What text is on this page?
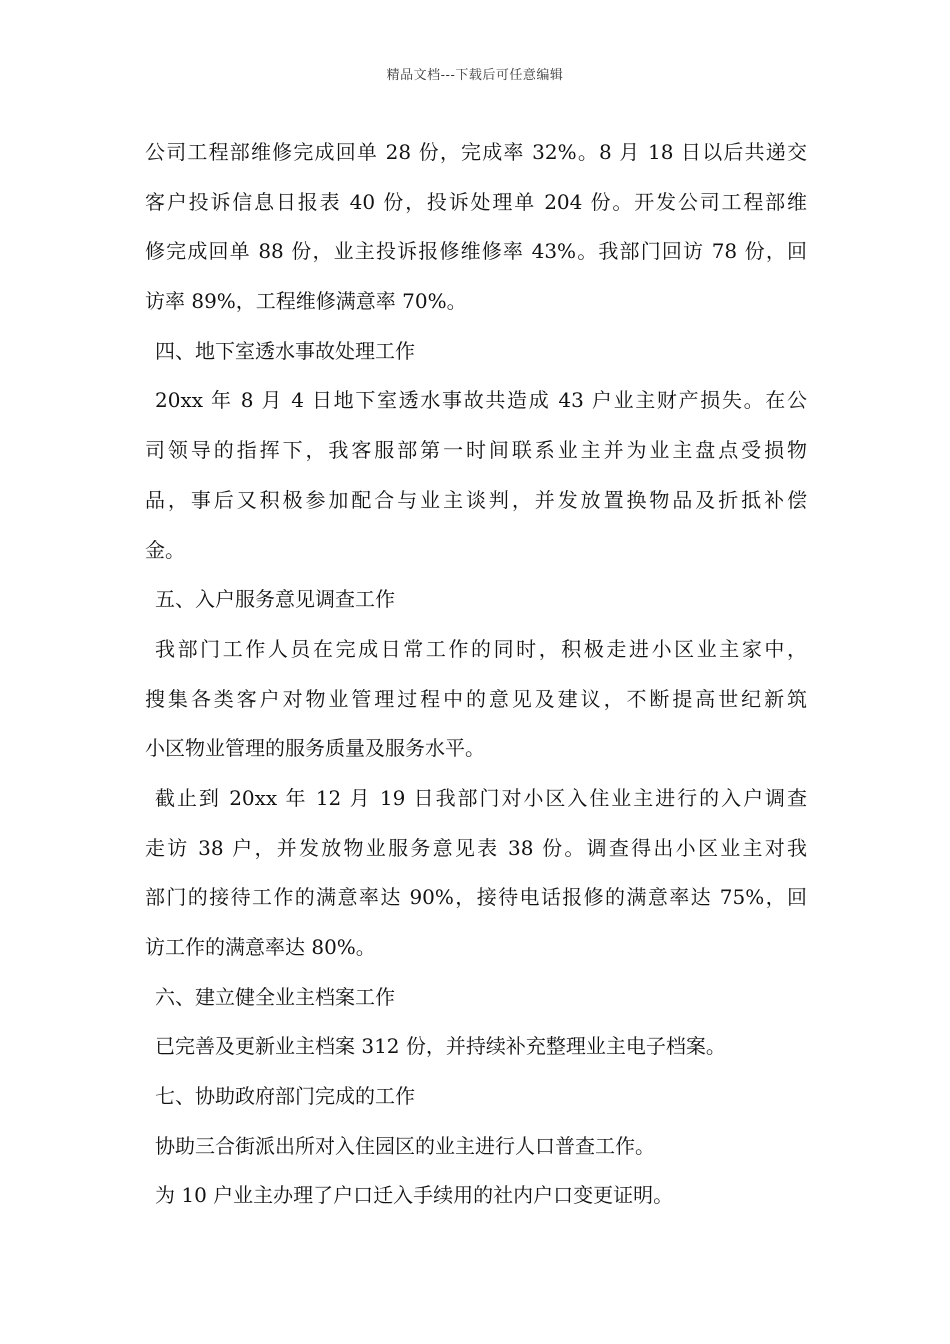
精品文档---下载后可任意编辑
公司工程部维修完成回单 28 份，完成率 32%。8 月 18 日以后共递交
客户投诉信息日报表 40 份，投诉处理单 204 份。开发公司工程部维
修完成回单 88 份，业主投诉报修维修率 43%。我部门回访 78 份，回
访率 89%，工程维修满意率 70%。
四、地下室透水事故处理工作
20xx 年 8 月 4 日地下室透水事故共造成 43 户业主财产损失。在公
司领导的指挥下，我客服部第一时间联系业主并为业主盘点受损物
品，事后又积极参加配合与业主谈判，并发放置换物品及折抵补偿
金。
五、入户服务意见调查工作
我部门工作人员在完成日常工作的同时，积极走进小区业主家中，
搜集各类客户对物业管理过程中的意见及建议，不断提高世纪新筑
小区物业管理的服务质量及服务水平。
截止到 20xx 年 12 月 19 日我部门对小区入住业主进行的入户调查
走访 38 户，并发放物业服务意见表 38 份。调查得出小区业主对我
部门的接待工作的满意率达 90%，接待电话报修的满意率达 75%，回
访工作的满意率达 80%。
六、建立健全业主档案工作
已完善及更新业主档案 312 份，并持续补充整理业主电子档案。
七、协助政府部门完成的工作
协助三合街派出所对入住园区的业主进行人口普查工作。
为 10 户业主办理了户口迁入手续用的社内户口变更证明。
